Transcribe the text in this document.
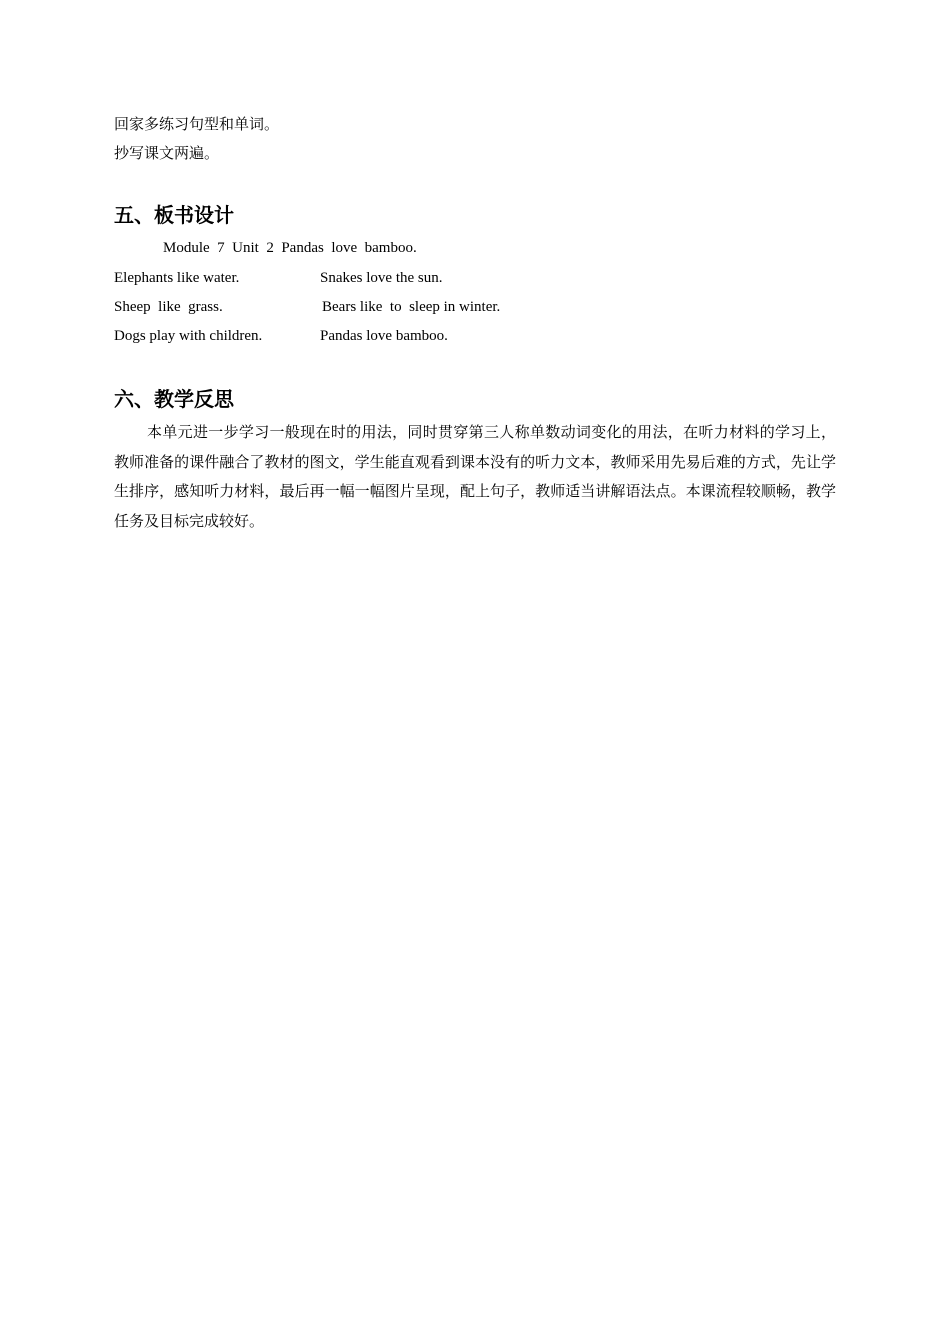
回家多练习句型和单词。
抄写课文两遍。
五、板书设计
Module  7  Unit  2  Pandas  love  bamboo.
Elephants like water.	Snakes love the sun.
Sheep  like  grass.	Bears like  to  sleep in winter.
Dogs play with children.	Pandas love bamboo.
六、教学反思
本单元进一步学习一般现在时的用法，同时贯穿第三人称单数动词变化的用法，在听力材料的学习上，教师准备的课件融合了教材的图文，学生能直观看到课本没有的听力文本，教师采用先易后难的方式，先让学生排序，感知听力材料，最后再一幅一幅图片呈现，配上句子，教师适当讲解语法点。本课流程较顺畅，教学任务及目标完成较好。
